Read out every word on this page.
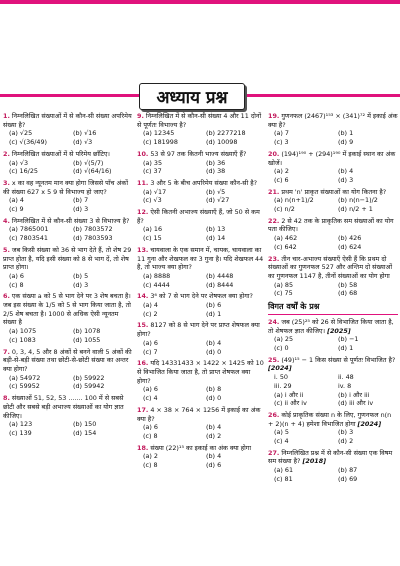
अध्याय प्रश्न
1. निम्नलिखित संख्याओं में से कौन-सी संख्या अपरिमेय संख्या है?
(a) √25	(b) √16
(c) √(36/49)	(d) √3
2. निम्नलिखित संख्याओं में से परिमेय छाँटिए।
(a) √3	(b) √(5/7)
(c) 16/25	(d) √(64/16)
3. x का वह न्यूनतम मान क्या होगा जिससे पाँच अंकों की संख्या 627 x 5 9 से विभाज्य हो जाए?
(a) 4	(b) 7
(c) 9	(d) 3
4. निम्नलिखित में से कौन-सी संख्या 3 से विभाज्य है?
(a) 7865001	(b) 7803572
(c) 7803541	(d) 7803593
5. जब किसी संख्या को 36 से भाग देते हैं, तो शेष 29 प्राप्त होता है, यदि इसी संख्या को 8 से भाग दें, तो शेष प्राप्त होगा।
(a) 6	(b) 5
(c) 8	(d) 3
6. एक संख्या a को 5 से भाग देने पर 3 शेष बचता है। जब इस संख्या के 1/5 को 5 से भाग किया जाता है, तो 2/5 शेष बचता है। 1000 से अधिक ऐसी न्यूनतम संख्या है
(a) 1075	(b) 1078
(c) 1083	(d) 1055
7. 0, 3, 4, 5 और 8 अंकों से बनने वाली 5 अंकों की बड़ी-से-बड़ी संख्या तथा छोटी-से-छोटी संख्या का अन्तर क्या होगा?
(a) 54972	(b) 59922
(c) 59952	(d) 59942
8. संख्याओं 51, 52, 53 ....... 100 में से सबसे छोटी और सबसे बड़ी अभाज्य संख्याओं का योग ज्ञात कीजिए।
(a) 123	(b) 150
(c) 139	(d) 154
9. निम्नलिखित में से कौन-सी संख्या 4 और 11 दोनों से पूर्णतः विभाज्य है?
(a) 12345	(b) 2277218
(c) 181998	(d) 10098
10. 53 से 97 तक कितनी भाज्य संख्याएँ हैं?
(a) 35	(b) 36
(c) 37	(d) 38
11. 3 और 5 के बीच अपरिमेय संख्या कौन-सी है?
(a) √17	(b) √5
(c) √3	(d) √27
12. ऐसी कितनी अभाज्य संख्याएँ हैं, जो 50 से कम हैं?
(a) 16	(b) 13
(c) 15	(d) 14
13. चायवाला के एक समान में, चायक, चायवाला का 11 गुना और शेखफल का 3 गुना है। यदि शेखफल 44 है, तो भाज्य क्या होगा?
(a) 8888	(b) 4448
(c) 4444	(d) 8444
14. 3⁶ को 7 से भाग देने पर शेषफल क्या होगा?
(a) 4	(b) 6
(c) 2	(d) 1
15. 8127 को 8 से भाग देने पर प्राप्त शेषफल क्या होगा?
(a) 6	(b) 4
(c) 7	(d) 0
16. यदि 14331433 × 1422 × 1425 को 10 से विभाजित किया जाता है, तो प्राप्त शेषफल क्या होगा?
(a) 6	(b) 8
(c) 4	(d) 0
17. 4 × 38 × 764 × 1256 में इकाई का अंक क्या है?
(a) 6	(b) 4
(c) 8	(d) 2
18. संख्या (22)¹⁵ का इकाई का अंक क्या होगा
(a) 2	(b) 4
(c) 8	(d) 6
19. गुणनफल (2467)¹⁵³ × (341)⁷² में इकाई अंक क्या है?
(a) 7	(b) 1
(c) 3	(d) 9
20. (194)¹⁹⁰ + (294)¹⁹⁰ में इकाई स्थान का अंक खोजें।
(a) 2	(b) 4
(c) 6	(d) 3
21. प्रथम 'n' प्राकृत संख्याओं का योग कितना है?
(a) n(n+1)/2	(b) n(n−1)/2
(c) n/2	(d) n/2 + 1
22. 2 से 42 तक के प्राकृतिक सम संख्याओं का योग पता कीजिए।
(a) 462	(b) 426
(c) 642	(d) 624
23. तीन चार-अभाज्य संख्याएँ ऐसी हैं कि प्रथम दो संख्याओं का गुणनफल 527 और अन्तिम दो संख्याओं का गुणनफल 1147 है, तीनों संख्याओं का योग होगा
(a) 85	(b) 58
(c) 75	(d) 68
विगत वर्षों के प्रश्न
24. जब (25)²⁵ को 26 से विभाजित किया जाता है, तो शेषफल ज्ञात कीजिए। [2025]
(a) 25	(b) −1
(c) 0	(d) 1
25. (49)¹⁵ − 1 किस संख्या से पूर्णतः विभाजित है? [2024]
i. 50	ii. 48
iii. 29	iv. 8
(a) i और ii	(b) i और iii
(c) ii और iv	(d) iii और iv
26. कोई प्राकृतिक संख्या n के लिए, गुणनफल n(n + 2)(n + 4) हमेशा विभाजित होगा [2024]
(a) 5	(b) 3
(c) 4	(d) 2
27. निम्नलिखित प्रश्न में से कौन-सी संख्या एक विषम सम संख्या है? [2018]
(a) 61	(b) 87
(c) 81	(d) 69
